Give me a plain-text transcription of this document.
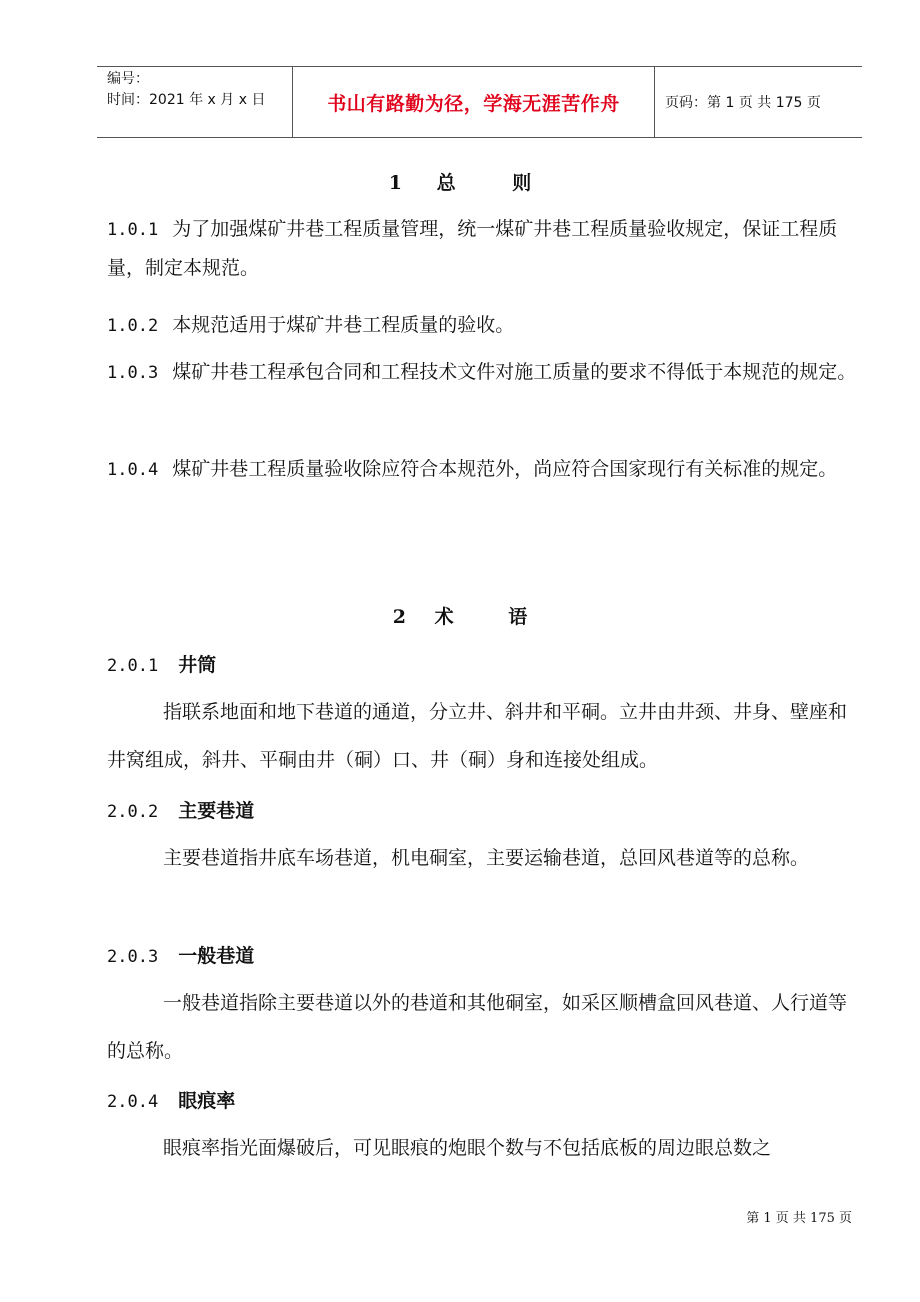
编号：
时间：2021 年 x 月 x 日	书山有路勤为径，学海无涯苦作舟	页码：第 1 页 共 175 页
1 总	则
1.0.1 为了加强煤矿井巷工程质量管理，统一煤矿井巷工程质量验收规定，保证工程质量，制定本规范。
1.0.2 本规范适用于煤矿井巷工程质量的验收。
1.0.3 煤矿井巷工程承包合同和工程技术文件对施工质量的要求不得低于本规范的规定。
1.0.4 煤矿井巷工程质量验收除应符合本规范外，尚应符合国家现行有关标准的规定。
2 术	语
2.0.1 井筒
指联系地面和地下巷道的通道，分立井、斜井和平硐。立井由井颈、井身、壁座和井窝组成，斜井、平硐由井（硐）口、井（硐）身和连接处组成。
2.0.2 主要巷道
主要巷道指井底车场巷道，机电硐室，主要运输巷道，总回风巷道等的总称。
2.0.3 一般巷道
一般巷道指除主要巷道以外的巷道和其他硐室，如采区顺槽盒回风巷道、人行道等的总称。
2.0.4 眼痕率
眼痕率指光面爆破后，可见眼痕的炮眼个数与不包括底板的周边眼总数之
第 1 页 共 175 页
